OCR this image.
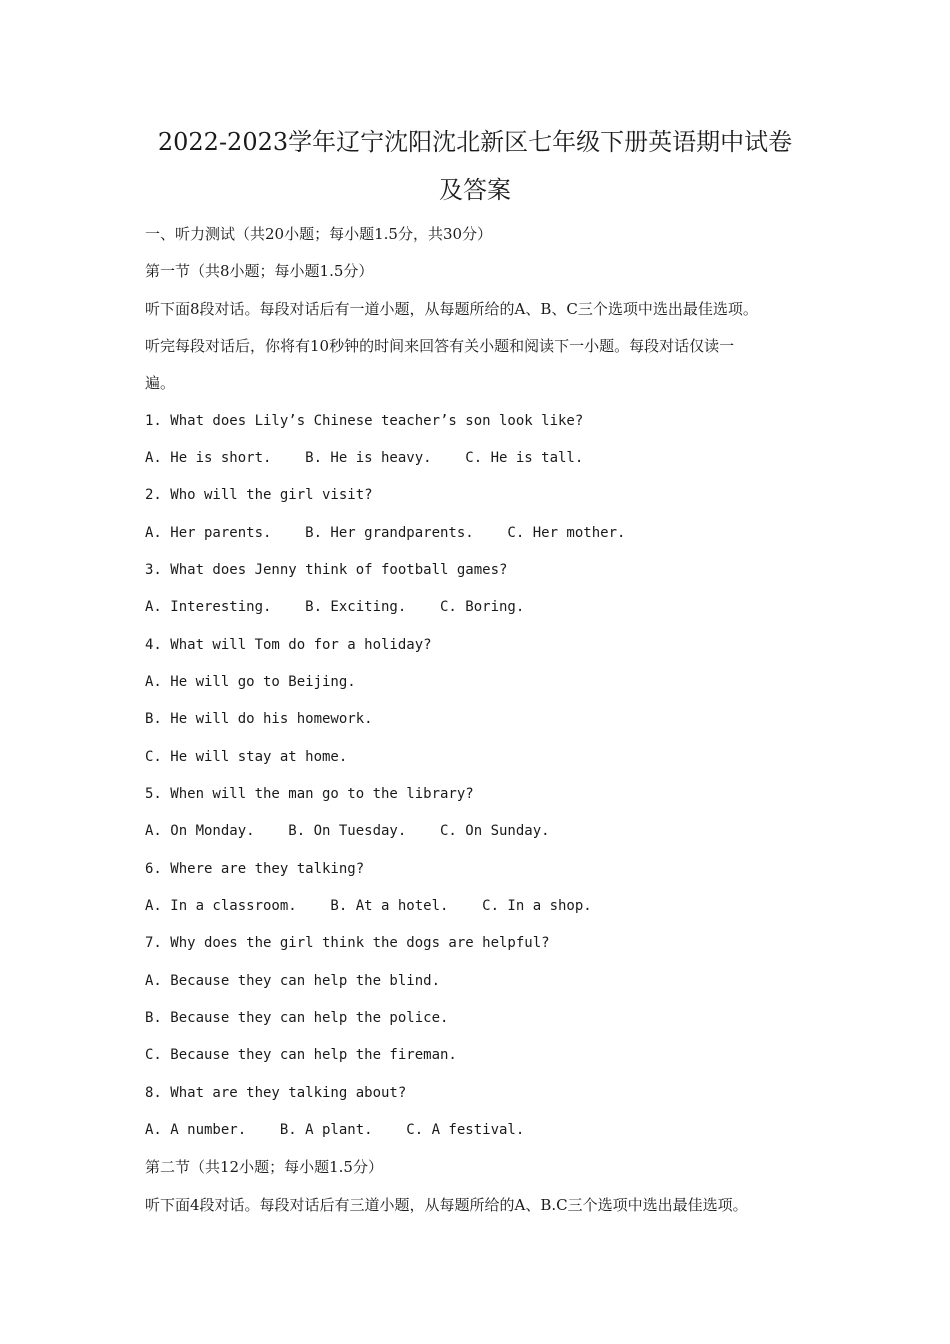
2022-2023学年辽宁沈阳沈北新区七年级下册英语期中试卷
及答案
一、听力测试（共20小题；每小题1.5分，共30分）
第一节（共8小题；每小题1.5分）
听下面8段对话。每段对话后有一道小题，从每题所给的A、B、C三个选项中选出最佳选项。
听完每段对话后，你将有10秒钟的时间来回答有关小题和阅读下一小题。每段对话仅读一
遍。
1. What does Lily’s Chinese teacher’s son look like?
A. He is short.    B. He is heavy.    C. He is tall.
2. Who will the girl visit?
A. Her parents.    B. Her grandparents.    C. Her mother.
3. What does Jenny think of football games?
A. Interesting.    B. Exciting.    C. Boring.
4. What will Tom do for a holiday?
A. He will go to Beijing.
B. He will do his homework.
C. He will stay at home.
5. When will the man go to the library?
A. On Monday.    B. On Tuesday.    C. On Sunday.
6. Where are they talking?
A. In a classroom.    B. At a hotel.    C. In a shop.
7. Why does the girl think the dogs are helpful?
A. Because they can help the blind.
B. Because they can help the police.
C. Because they can help the fireman.
8. What are they talking about?
A. A number.    B. A plant.    C. A festival.
第二节（共12小题；每小题1.5分）
听下面4段对话。每段对话后有三道小题，从每题所给的A、B.C三个选项中选出最佳选项。
